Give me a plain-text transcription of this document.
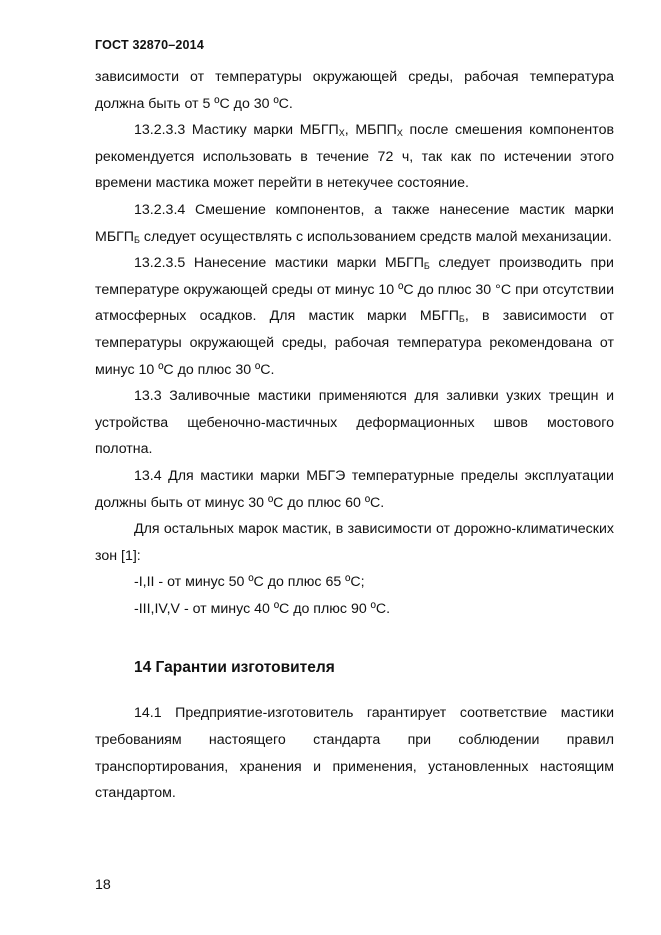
ГОСТ 32870–2014

зависимости от температуры окружающей среды, рабочая температура должна быть от 5 ºС до 30 ºС.

13.2.3.3 Мастику марки $МБГП_Х$, $МБПП_Х$ после смешения компонентов рекомендуется использовать в течение 72 ч, так как по истечении этого времени мастика может перейти в нетекучее состояние.

13.2.3.4 Смешение компонентов, а также нанесение мастик марки $МБГП_Б$ следует осуществлять с использованием средств малой механизации.

13.2.3.5 Нанесение мастики марки $МБГП_Б$ следует производить при температуре окружающей среды от минус 10 ºС до плюс 30 °С при отсутствии атмосферных осадков. Для мастик марки $МБГП_Б$, в зависимости от температуры окружающей среды, рабочая температура рекомендована от минус 10 ºС до плюс 30 ºС.

13.3 Заливочные мастики применяются для заливки узких трещин и устройства щебеночно-мастичных деформационных швов мостового полотна.

13.4 Для мастики марки МБГЭ температурные пределы эксплуатации должны быть от минус 30 ºС до плюс 60 ºС.

Для остальных марок мастик, в зависимости от дорожно-климатических зон [1]:

-I,II - от минус 50 ºС до плюс 65 ºС;

-III,IV,V - от минус 40 ºС до плюс 90 ºС.

14 Гарантии изготовителя

14.1 Предприятие-изготовитель гарантирует соответствие мастики требованиям настоящего стандарта при соблюдении правил транспортирования, хранения и применения, установленных настоящим стандартом.

18
